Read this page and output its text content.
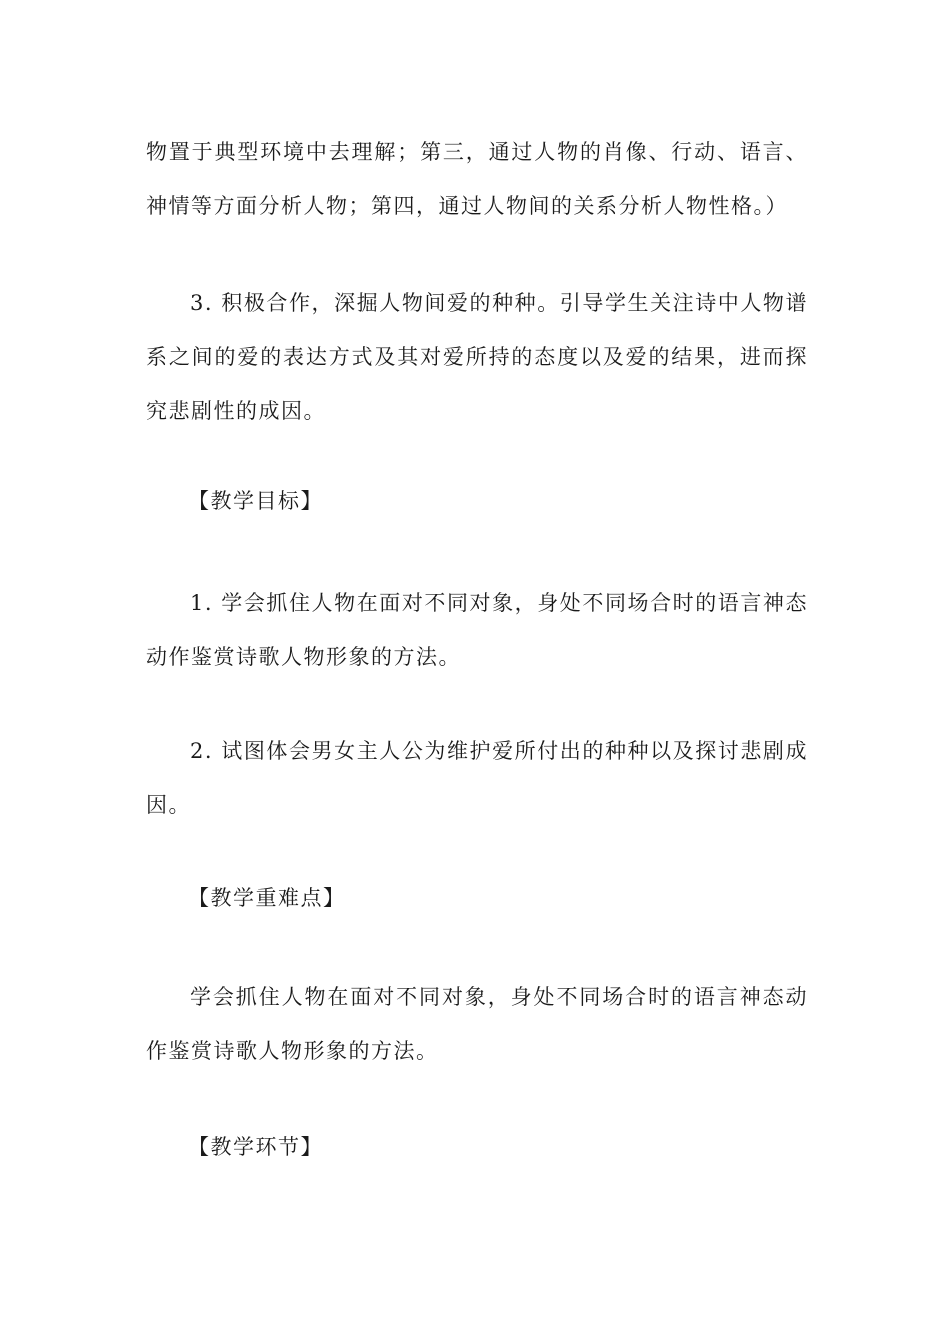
物置于典型环境中去理解；第三，通过人物的肖像、行动、语言、神情等方面分析人物；第四，通过人物间的关系分析人物性格。）

3. 积极合作，深掘人物间爱的种种。引导学生关注诗中人物谱系之间的爱的表达方式及其对爱所持的态度以及爱的结果，进而探究悲剧性的成因。

【教学目标】

1. 学会抓住人物在面对不同对象，身处不同场合时的语言神态动作鉴赏诗歌人物形象的方法。

2. 试图体会男女主人公为维护爱所付出的种种以及探讨悲剧成因。

【教学重难点】

学会抓住人物在面对不同对象，身处不同场合时的语言神态动作鉴赏诗歌人物形象的方法。

【教学环节】
